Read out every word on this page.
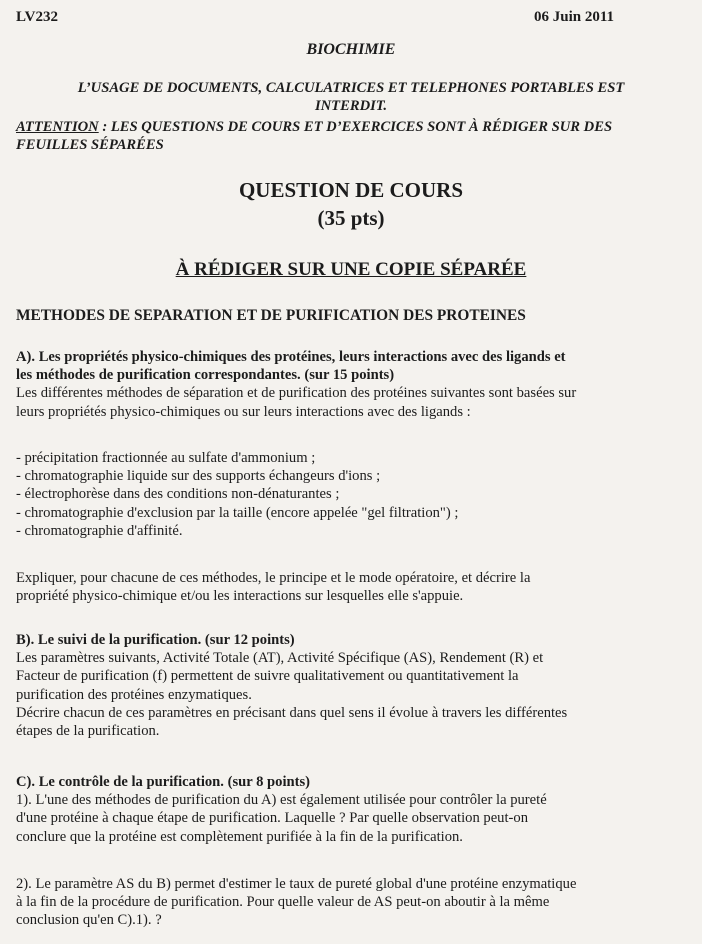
LV232	06 Juin 2011
BIOCHIMIE
L’USAGE DE DOCUMENTS, CALCULATRICES ET TELEPHONES PORTABLES EST
INTERDIT.
ATTENTION : LES QUESTIONS DE COURS ET D’EXERCICES SONT À RÉDIGER SUR DES
FEUILLES SÉPARÉES
QUESTION DE COURS
(35 pts)
À RÉDIGER SUR UNE COPIE SÉPARÉE
METHODES DE SEPARATION ET DE PURIFICATION DES PROTEINES
A). Les propriétés physico-chimiques des protéines, leurs interactions avec des ligands et
les méthodes de purification correspondantes. (sur 15 points)
Les différentes méthodes de séparation et de purification des protéines suivantes sont basées sur
leurs propriétés physico-chimiques ou sur leurs interactions avec des ligands :
- précipitation fractionnée au sulfate d'ammonium ;
- chromatographie liquide sur des supports échangeurs d'ions ;
- électrophorèse dans des conditions non-dénaturantes ;
- chromatographie d'exclusion par la taille (encore appelée "gel filtration") ;
- chromatographie d'affinité.
Expliquer, pour chacune de ces méthodes, le principe et le mode opératoire, et décrire la
propriété physico-chimique et/ou les interactions sur lesquelles elle s'appuie.
B). Le suivi de la purification. (sur 12 points)
Les paramètres suivants, Activité Totale (AT), Activité Spécifique (AS), Rendement (R) et
Facteur de purification (f) permettent de suivre qualitativement ou quantitativement la
purification des protéines enzymatiques.
Décrire chacun de ces paramètres en précisant dans quel sens il évolue à travers les différentes
étapes de la purification.
C). Le contrôle de la purification. (sur 8 points)
1). L'une des méthodes de purification du A) est également utilisée pour contrôler la pureté
d'une protéine à chaque étape de purification. Laquelle ? Par quelle observation peut-on
conclure que la protéine est complètement purifiée à la fin de la purification.
2). Le paramètre AS du B) permet d'estimer le taux de pureté global d'une protéine enzymatique
à la fin de la procédure de purification. Pour quelle valeur de AS peut-on aboutir à la même
conclusion qu'en C).1). ?
